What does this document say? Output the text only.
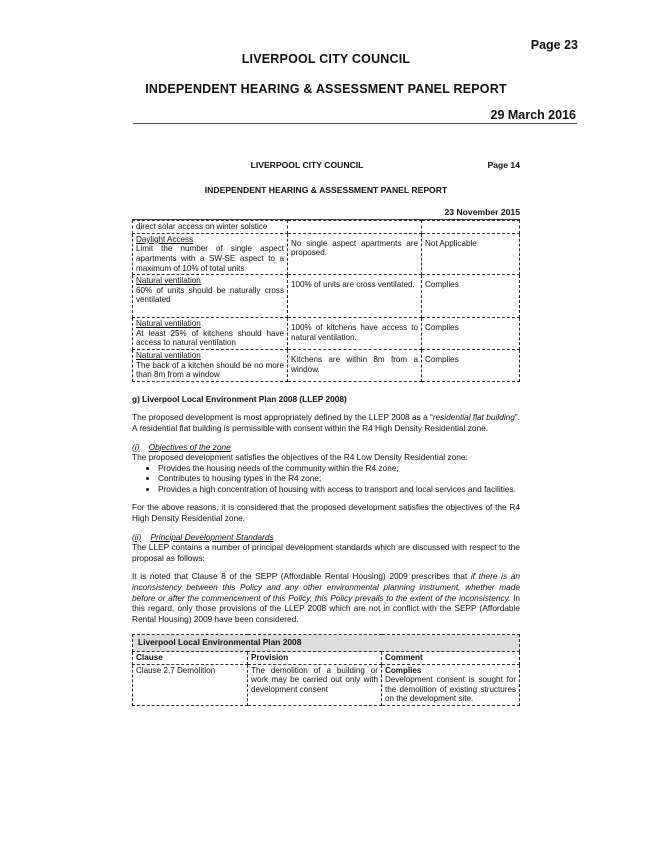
Page 23
LIVERPOOL CITY COUNCIL
INDEPENDENT HEARING & ASSESSMENT PANEL REPORT
29 March 2016
LIVERPOOL CITY COUNCIL	Page 14
INDEPENDENT HEARING & ASSESSMENT PANEL REPORT
23 November 2015
direct solar access on winter solstice		

Daylight Access
Limit the number of single aspect apartments with a SW-SE aspect to a maximum of 10% of total units	No single aspect apartments are proposed.	Not Applicable

Natural ventilation
60% of units should be naturally cross ventilated	100% of units are cross ventilated.	Complies

Natural ventilation
At least 25% of kitchens should have access to natural ventilation	100% of kitchens have access to natural ventilation.	Complies

Natural ventilation
The back of a kitchen should be no more than 8m from a window	Kitchens are within 8m from a window.	Complies
g) Liverpool Local Environment Plan 2008 (LLEP 2008)

The proposed development is most appropriately defined by the LLEP 2008 as a “residential flat building”. A residential flat building is permissible with consent within the R4 High Density Residential zone.

(i) Objectives of the zone

The proposed development satisfies the objectives of the R4 Low Density Residential zone:

• Provides the housing needs of the community within the R4 zone;
• Contributes to housing types in the R4 zone;
• Provides a high concentration of housing with access to transport and local services and facilities.

For the above reasons, it is considered that the proposed development satisfies the objectives of the R4 High Density Residential zone.

(ii) Principal Development Standards

The LLEP contains a number of principal development standards which are discussed with respect to the proposal as follows:

It is noted that Clause 8 of the SEPP (Affordable Rental Housing) 2009 prescribes that if there is an inconsistency between this Policy and any other environmental planning instrument, whether made before or after the commencement of this Policy, this Policy prevails to the extent of the inconsistency. In this regard, only those provisions of the LLEP 2008 which are not in conflict with the SEPP (Affordable Rental Housing) 2009 have been considered.

Liverpool Local Environmental Plan 2008		
Clause	Provision	Comment
Clause 2.7 Demolition	The demolition of a building or work may be carried out only with development consent	Complies
Development consent is sought for the demolition of existing structures on the development site.
